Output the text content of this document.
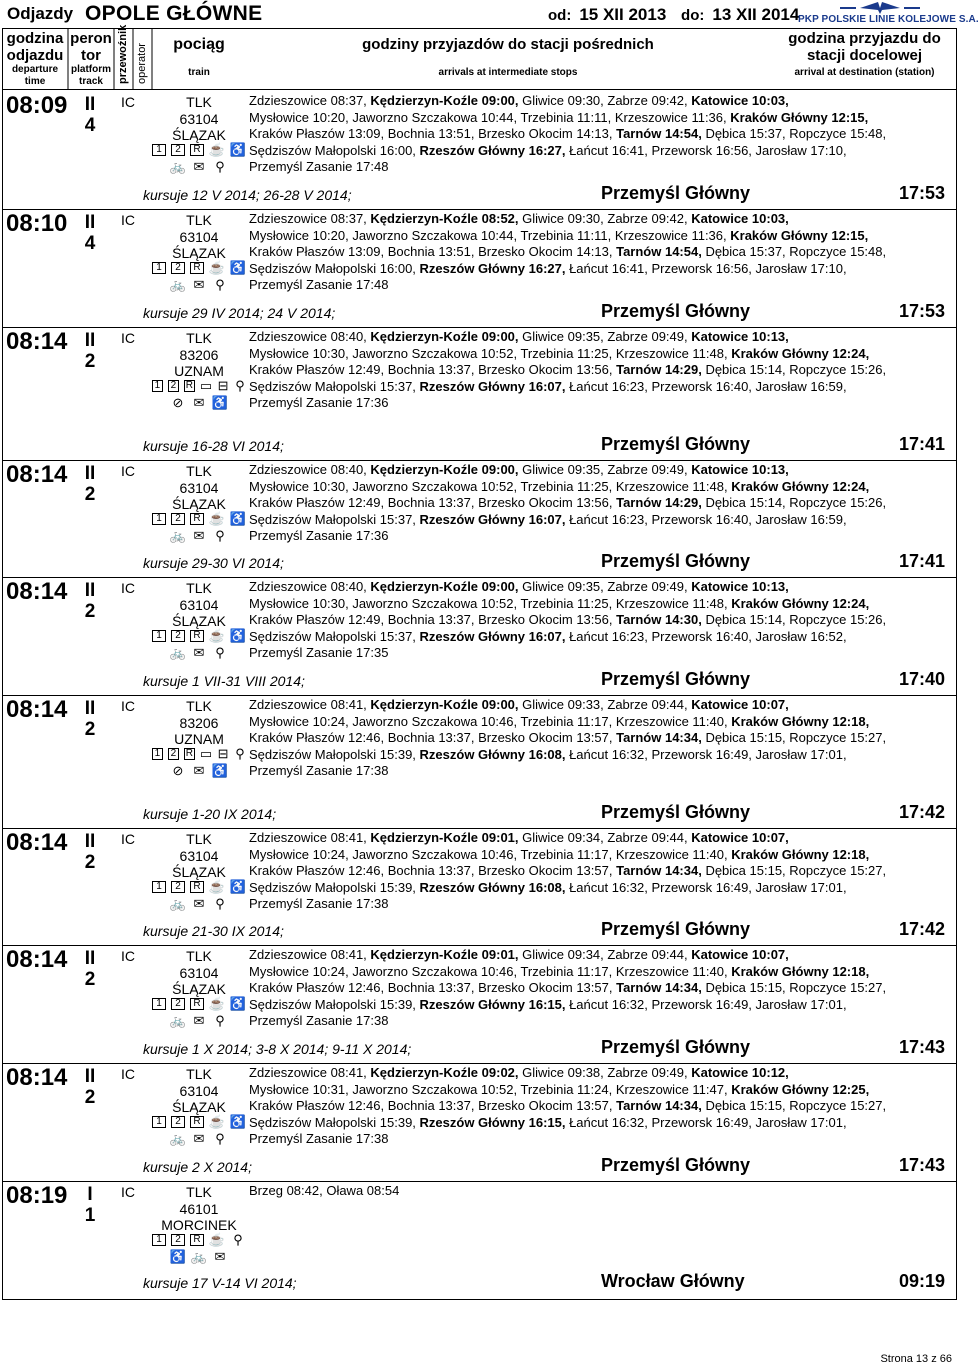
Odjazdy OPOLE GŁÓWNE	od: 15 XII 2013 do: 13 XII 2014
PKP POLSKIE LINIE KOLEJOWE S.A.
godzina odjazdu
departure time
peron tor
platform track	przewoźnik operator	pociąg
train
godziny przyjazdów do stacji pośrednich
arrivals at intermediate stops
godzina przyjazdu do stacji docelowej
arrival at destination (station)
08:09 II
4
IC	TLK
63104
ŚLĄZAK
1	2	R ☕ ♿
🚲 ✉ ⚲
Zdzieszowice 08:37, Kędzierzyn-Koźle 09:00, Gliwice 09:30, Zabrze 09:42, Katowice 10:03,
Mysłowice 10:20, Jaworzno Szczakowa 10:44, Trzebinia 11:11, Krzeszowice 11:36, Kraków Główny 12:15,
Kraków Płaszów 13:09, Bochnia 13:51, Brzesko Okocim 14:13, Tarnów 14:54, Dębica 15:37, Ropczyce 15:48,
Sędziszów Małopolski 16:00, Rzeszów Główny 16:27, Łańcut 16:41, Przeworsk 16:56, Jarosław 17:10,
Przemyśl Zasanie 17:48
kursuje 12 V 2014; 26-28 V 2014;	Przemyśl Główny	17:53
08:10 II
4
IC	TLK
63104
ŚLĄZAK
1	2	R ☕ ♿
🚲 ✉ ⚲
Zdzieszowice 08:37, Kędzierzyn-Koźle 08:52, Gliwice 09:30, Zabrze 09:42, Katowice 10:03,
Mysłowice 10:20, Jaworzno Szczakowa 10:44, Trzebinia 11:11, Krzeszowice 11:36, Kraków Główny 12:15,
Kraków Płaszów 13:09, Bochnia 13:51, Brzesko Okocim 14:13, Tarnów 14:54, Dębica 15:37, Ropczyce 15:48,
Sędziszów Małopolski 16:00, Rzeszów Główny 16:27, Łańcut 16:41, Przeworsk 16:56, Jarosław 17:10,
Przemyśl Zasanie 17:48
kursuje 29 IV 2014; 24 V 2014;	Przemyśl Główny	17:53
08:14 II
2
IC	TLK
83206
UZNAM
1 2 R ▭ ⊟ ⚲
⊘ ✉ ♿
Zdzieszowice 08:40, Kędzierzyn-Koźle 09:00, Gliwice 09:35, Zabrze 09:49, Katowice 10:13,
Mysłowice 10:30, Jaworzno Szczakowa 10:52, Trzebinia 11:25, Krzeszowice 11:48, Kraków Główny 12:24,
Kraków Płaszów 12:49, Bochnia 13:37, Brzesko Okocim 13:56, Tarnów 14:29, Dębica 15:14, Ropczyce 15:26,
Sędziszów Małopolski 15:37, Rzeszów Główny 16:07, Łańcut 16:23, Przeworsk 16:40, Jarosław 16:59,
Przemyśl Zasanie 17:36
kursuje 16-28 VI 2014;	Przemyśl Główny	17:41
08:14 II
2
IC	TLK
63104
ŚLĄZAK
1	2	R ☕ ♿
🚲 ✉ ⚲
Zdzieszowice 08:40, Kędzierzyn-Koźle 09:00, Gliwice 09:35, Zabrze 09:49, Katowice 10:13,
Mysłowice 10:30, Jaworzno Szczakowa 10:52, Trzebinia 11:25, Krzeszowice 11:48, Kraków Główny 12:24,
Kraków Płaszów 12:49, Bochnia 13:37, Brzesko Okocim 13:56, Tarnów 14:29, Dębica 15:14, Ropczyce 15:26,
Sędziszów Małopolski 15:37, Rzeszów Główny 16:07, Łańcut 16:23, Przeworsk 16:40, Jarosław 16:59,
Przemyśl Zasanie 17:36
kursuje 29-30 VI 2014;	Przemyśl Główny	17:41
08:14 II
2
IC	TLK
63104
ŚLĄZAK
1	2	R ☕ ♿
🚲 ✉ ⚲
Zdzieszowice 08:40, Kędzierzyn-Koźle 09:00, Gliwice 09:35, Zabrze 09:49, Katowice 10:13,
Mysłowice 10:30, Jaworzno Szczakowa 10:52, Trzebinia 11:25, Krzeszowice 11:48, Kraków Główny 12:24,
Kraków Płaszów 12:49, Bochnia 13:37, Brzesko Okocim 13:56, Tarnów 14:30, Dębica 15:14, Ropczyce 15:26,
Sędziszów Małopolski 15:37, Rzeszów Główny 16:07, Łańcut 16:23, Przeworsk 16:40, Jarosław 16:52,
Przemyśl Zasanie 17:35
kursuje 1 VII-31 VIII 2014;	Przemyśl Główny	17:40
08:14 II
2
IC	TLK
83206
UZNAM
1 2 R ▭ ⊟ ⚲
⊘ ✉ ♿
Zdzieszowice 08:41, Kędzierzyn-Koźle 09:00, Gliwice 09:33, Zabrze 09:44, Katowice 10:07,
Mysłowice 10:24, Jaworzno Szczakowa 10:46, Trzebinia 11:17, Krzeszowice 11:40, Kraków Główny 12:18,
Kraków Płaszów 12:46, Bochnia 13:37, Brzesko Okocim 13:57, Tarnów 14:34, Dębica 15:15, Ropczyce 15:27,
Sędziszów Małopolski 15:39, Rzeszów Główny 16:08, Łańcut 16:32, Przeworsk 16:49, Jarosław 17:01,
Przemyśl Zasanie 17:38
kursuje 1-20 IX 2014;	Przemyśl Główny	17:42
08:14 II
2
IC	TLK
63104
ŚLĄZAK
1	2	R ☕ ♿
🚲 ✉ ⚲
Zdzieszowice 08:41, Kędzierzyn-Koźle 09:01, Gliwice 09:34, Zabrze 09:44, Katowice 10:07,
Mysłowice 10:24, Jaworzno Szczakowa 10:46, Trzebinia 11:17, Krzeszowice 11:40, Kraków Główny 12:18,
Kraków Płaszów 12:46, Bochnia 13:37, Brzesko Okocim 13:57, Tarnów 14:34, Dębica 15:15, Ropczyce 15:27,
Sędziszów Małopolski 15:39, Rzeszów Główny 16:08, Łańcut 16:32, Przeworsk 16:49, Jarosław 17:01,
Przemyśl Zasanie 17:38
kursuje 21-30 IX 2014;	Przemyśl Główny	17:42
08:14 II
2
IC	TLK
63104
ŚLĄZAK
1	2	R ☕ ♿
🚲 ✉ ⚲
Zdzieszowice 08:41, Kędzierzyn-Koźle 09:01, Gliwice 09:34, Zabrze 09:44, Katowice 10:07,
Mysłowice 10:24, Jaworzno Szczakowa 10:46, Trzebinia 11:17, Krzeszowice 11:40, Kraków Główny 12:18,
Kraków Płaszów 12:46, Bochnia 13:37, Brzesko Okocim 13:57, Tarnów 14:34, Dębica 15:15, Ropczyce 15:27,
Sędziszów Małopolski 15:39, Rzeszów Główny 16:15, Łańcut 16:32, Przeworsk 16:49, Jarosław 17:01,
Przemyśl Zasanie 17:38
kursuje 1 X 2014; 3-8 X 2014; 9-11 X 2014;	Przemyśl Główny	17:43
08:14 II
2
IC	TLK
63104
ŚLĄZAK
1	2	R ☕ ♿
🚲 ✉ ⚲
Zdzieszowice 08:41, Kędzierzyn-Koźle 09:02, Gliwice 09:38, Zabrze 09:49, Katowice 10:12,
Mysłowice 10:31, Jaworzno Szczakowa 10:52, Trzebinia 11:24, Krzeszowice 11:47, Kraków Główny 12:25,
Kraków Płaszów 12:46, Bochnia 13:37, Brzesko Okocim 13:57, Tarnów 14:34, Dębica 15:15, Ropczyce 15:27,
Sędziszów Małopolski 15:39, Rzeszów Główny 16:15, Łańcut 16:32, Przeworsk 16:49, Jarosław 17:01,
Przemyśl Zasanie 17:38
kursuje 2 X 2014;	Przemyśl Główny	17:43
08:19	I
1
IC	TLK
46101
MORCINEK
1	2	R ☕ ⚲
♿ 🚲 ✉
Brzeg 08:42, Oława 08:54
kursuje 17 V-14 VI 2014;	Wrocław Główny	09:19
Strona 13 z 66
